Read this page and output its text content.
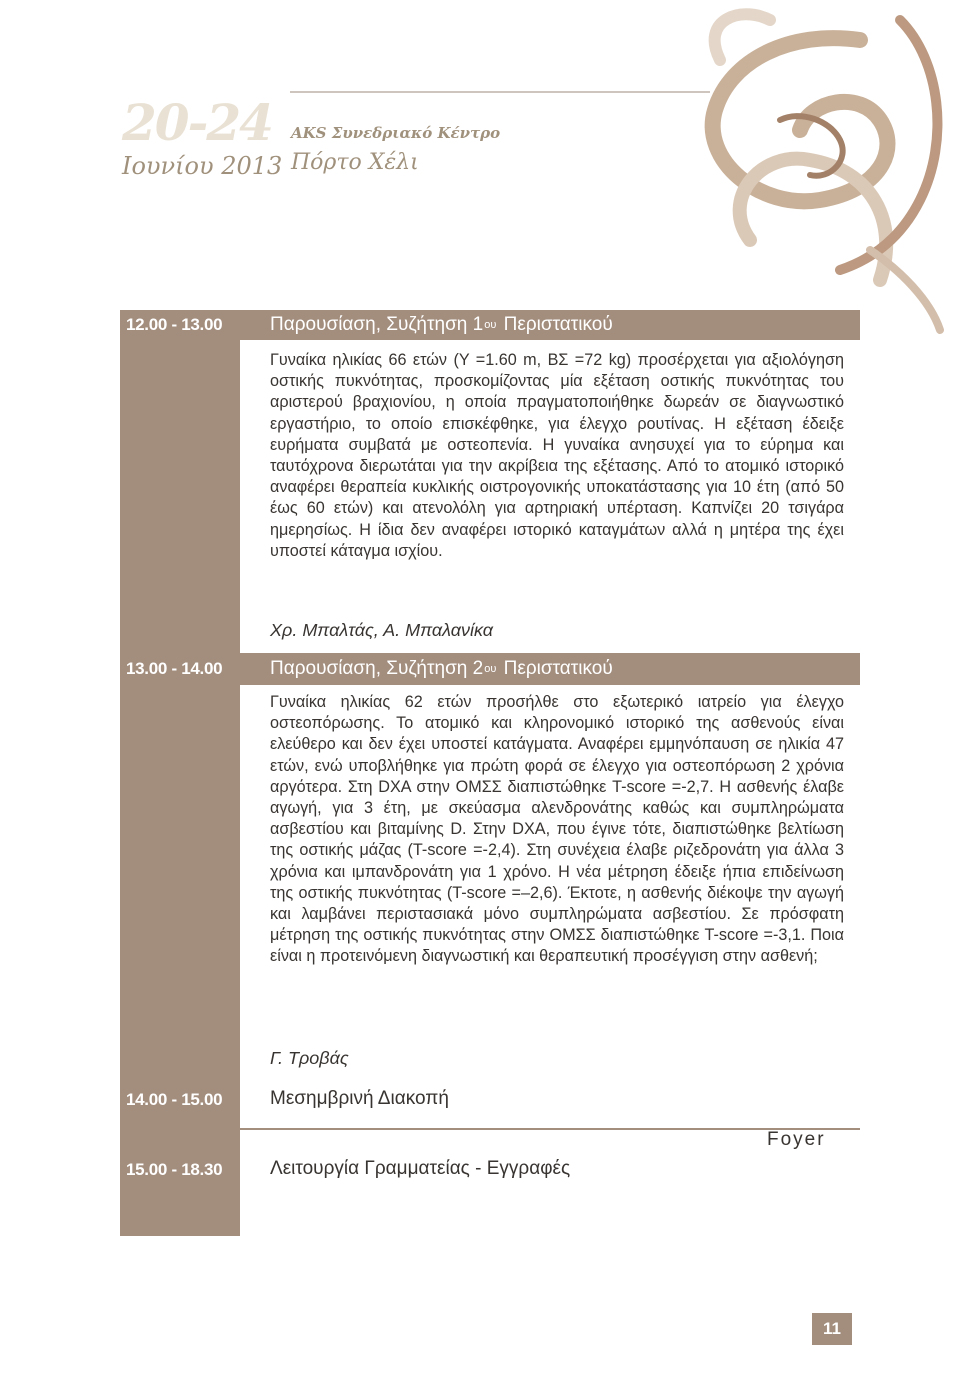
20-24
Ιουνίου 2013
AKS Συνεδριακό Κέντρο
Πόρτο Χέλι
12.00 - 13.00	Παρουσίαση, Συζήτηση 1 ου
Περιστατικού

Γυναίκα ηλικίας 66 ετών (Υ =1.60 m, ΒΣ =72 kg) προσέρχεται για αξιολόγηση οστικής πυκνότητας, προσκομίζοντας μία εξέταση οστικής πυκνότητας του αριστερού βραχιονίου, η οποία πραγματοποιήθηκε δωρεάν σε διαγνωστικό εργαστήριο, το οποίο επισκέφθηκε, για έλεγχο ρουτίνας. Η εξέταση έδειξε ευρήματα συμβατά με οστεοπενία. Η γυναίκα ανησυχεί για το εύρημα και ταυτόχρονα διερωτάται για την ακρίβεια της εξέτασης. Από το ατομικό ιστορικό αναφέρει θεραπεία κυκλικής οιστρογονικής υποκατάστασης για 10 έτη (από 50 έως 60 ετών) και ατενολόλη για αρτηριακή υπέρταση. Καπνίζει 20 τσιγάρα ημερησίως. Η ίδια δεν αναφέρει ιστορικό καταγμάτων αλλά η μητέρα της έχει υποστεί κάταγμα ισχίου.

Χρ. Μπαλτάς, Α. Μπαλανίκα
13.00 - 14.00	Παρουσίαση, Συζήτηση 2 ου
Περιστατικού

Γυναίκα ηλικίας 62 ετών προσήλθε στο εξωτερικό ιατρείο για έλεγχο οστεοπόρωσης. Το ατομικό και κληρονομικό ιστορικό της ασθενούς είναι ελεύθερο και δεν έχει υποστεί κατάγματα. Αναφέρει εμμηνόπαυση σε ηλικία 47 ετών, ενώ υποβλήθηκε για πρώτη φορά σε έλεγχο για οστεοπόρωση 2 χρόνια αργότερα. Στη DXA στην ΟΜΣΣ διαπιστώθηκε T-score =-2,7. Η ασθενής έλαβε αγωγή, για 3 έτη, με σκεύασμα αλενδρονάτης καθώς και συμπληρώματα ασβεστίου και βιταμίνης D. Στην DXA, που έγινε τότε, διαπιστώθηκε βελτίωση της οστικής μάζας (T-score =-2,4). Στη συνέχεια έλαβε ριζεδρονάτη για άλλα 3 χρόνια και ιμπανδρονάτη για 1 χρόνο. Η νέα μέτρηση έδειξε ήπια επιδείνωση της οστικής πυκνότητας (T-score =–2,6). Έκτοτε, η ασθενής διέκοψε την αγωγή και λαμβάνει περιστασιακά μόνο συμπληρώματα ασβεστίου. Σε πρόσφατη μέτρηση της οστικής πυκνότητας στην ΟΜΣΣ διαπιστώθηκε T-score =-3,1. Ποια είναι η προτεινόμενη διαγνωστική και θεραπευτική προσέγγιση στην ασθενή;

Γ. Τροβάς
14.00 - 15.00	Μεσημβρινή Διακοπή
Foyer
15.00 - 18.30	Λειτουργία Γραμματείας - Εγγραφές
11
